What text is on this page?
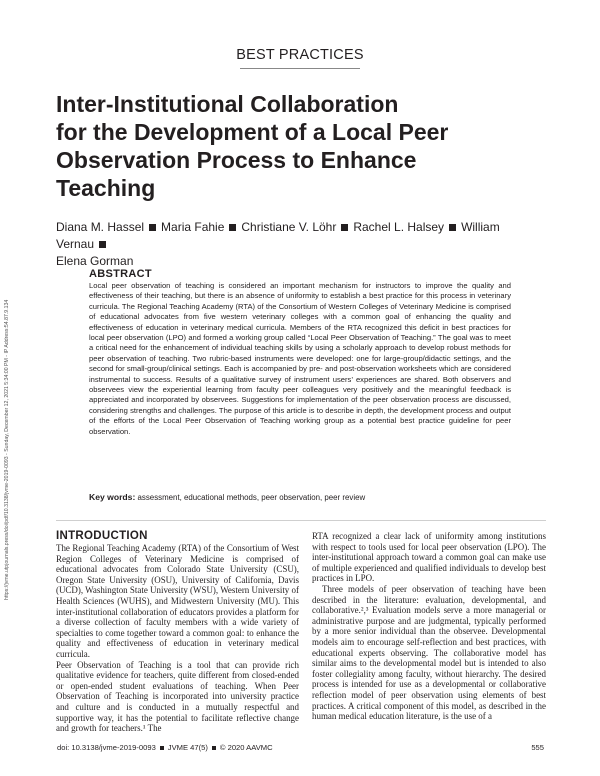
BEST PRACTICES
Inter-Institutional Collaboration
for the Development of a Local Peer
Observation Process to Enhance
Teaching
Diana M. Hassel Maria Fahie Christiane V. Löhr Rachel L. Halsey William Vernau
Elena Gorman
ABSTRACT
Local peer observation of teaching is considered an important mechanism for instructors to improve the quality and effectiveness of their teaching, but there is an absence of uniformity to establish a best practice for this process in veterinary curricula. The Regional Teaching Academy (RTA) of the Consortium of Western Colleges of Veterinary Medicine is comprised of educational advocates from five western veterinary colleges with a common goal of enhancing the quality and effectiveness of education in veterinary medical curricula. Members of the RTA recognized this deficit in best practices for local peer observation (LPO) and formed a working group called “Local Peer Observation of Teaching.” The goal was to meet a critical need for the enhancement of individual teaching skills by using a scholarly approach to develop robust methods for peer observation of teaching. Two rubric-based instruments were developed: one for large-group/didactic settings, and the second for small-group/clinical settings. Each is accompanied by pre- and post-observation worksheets which are considered instrumental to success. Results of a qualitative survey of instrument users’ experiences are shared. Both observers and observees view the experiential learning from faculty peer colleagues very positively and the meaningful feedback is appreciated and incorporated by observees. Suggestions for implementation of the peer observation process are discussed, considering strengths and challenges. The purpose of this article is to describe in depth, the development process and output of the efforts of the Local Peer Observation of Teaching working group as a potential best practice guideline for peer observation.
Key words: assessment, educational methods, peer observation, peer review
INTRODUCTION

The Regional Teaching Academy (RTA) of the Consortium of West Region Colleges of Veterinary Medicine is comprised of educational advocates from Colorado State University (CSU), Oregon State University (OSU), University of California, Davis (UCD), Washington State University (WSU), Western University of Health Sciences (WUHS), and Midwestern University (MU). This inter-institutional collaboration of educators provides a platform for a diverse collection of faculty members with a wide variety of specialties to come together toward a common goal: to enhance the quality and effectiveness of education in veterinary medical curricula.

Peer Observation of Teaching is a tool that can provide rich qualitative evidence for teachers, quite different from closed-ended or open-ended student evaluations of teaching. When Peer Observation of Teaching is incorporated into university practice and culture and is conducted in a mutually respectful and supportive way, it has the potential to facilitate reflective change and growth for teachers.¹ The

RTA recognized a clear lack of uniformity among institutions with respect to tools used for local peer observation (LPO). The inter-institutional approach toward a common goal can make use of multiple experienced and qualified individuals to develop best practices in LPO.

Three models of peer observation of teaching have been described in the literature: evaluation, developmental, and collaborative.²,³ Evaluation models serve a more managerial or administrative purpose and are judgmental, typically performed by a more senior individual than the observee. Developmental models aim to encourage self-reflection and best practices, with educational experts observing. The collaborative model has similar aims to the developmental model but is intended to also foster collegiality among faculty, without hierarchy. The desired process is intended for use as a developmental or collaborative reflection model of peer observation using elements of best practices. A critical component of this model, as described in the human medical education literature, is the use of a

https://jvme.utpjournals.press/doi/pdf/10.3138/jvme-2019-0093 - Sunday, December 12, 2021 5:34:00 PM - IP Address:54.87.9.134
doi: 10.3138/jvme-2019-0093 JVME 47(5) © 2020 AAVMC	555
